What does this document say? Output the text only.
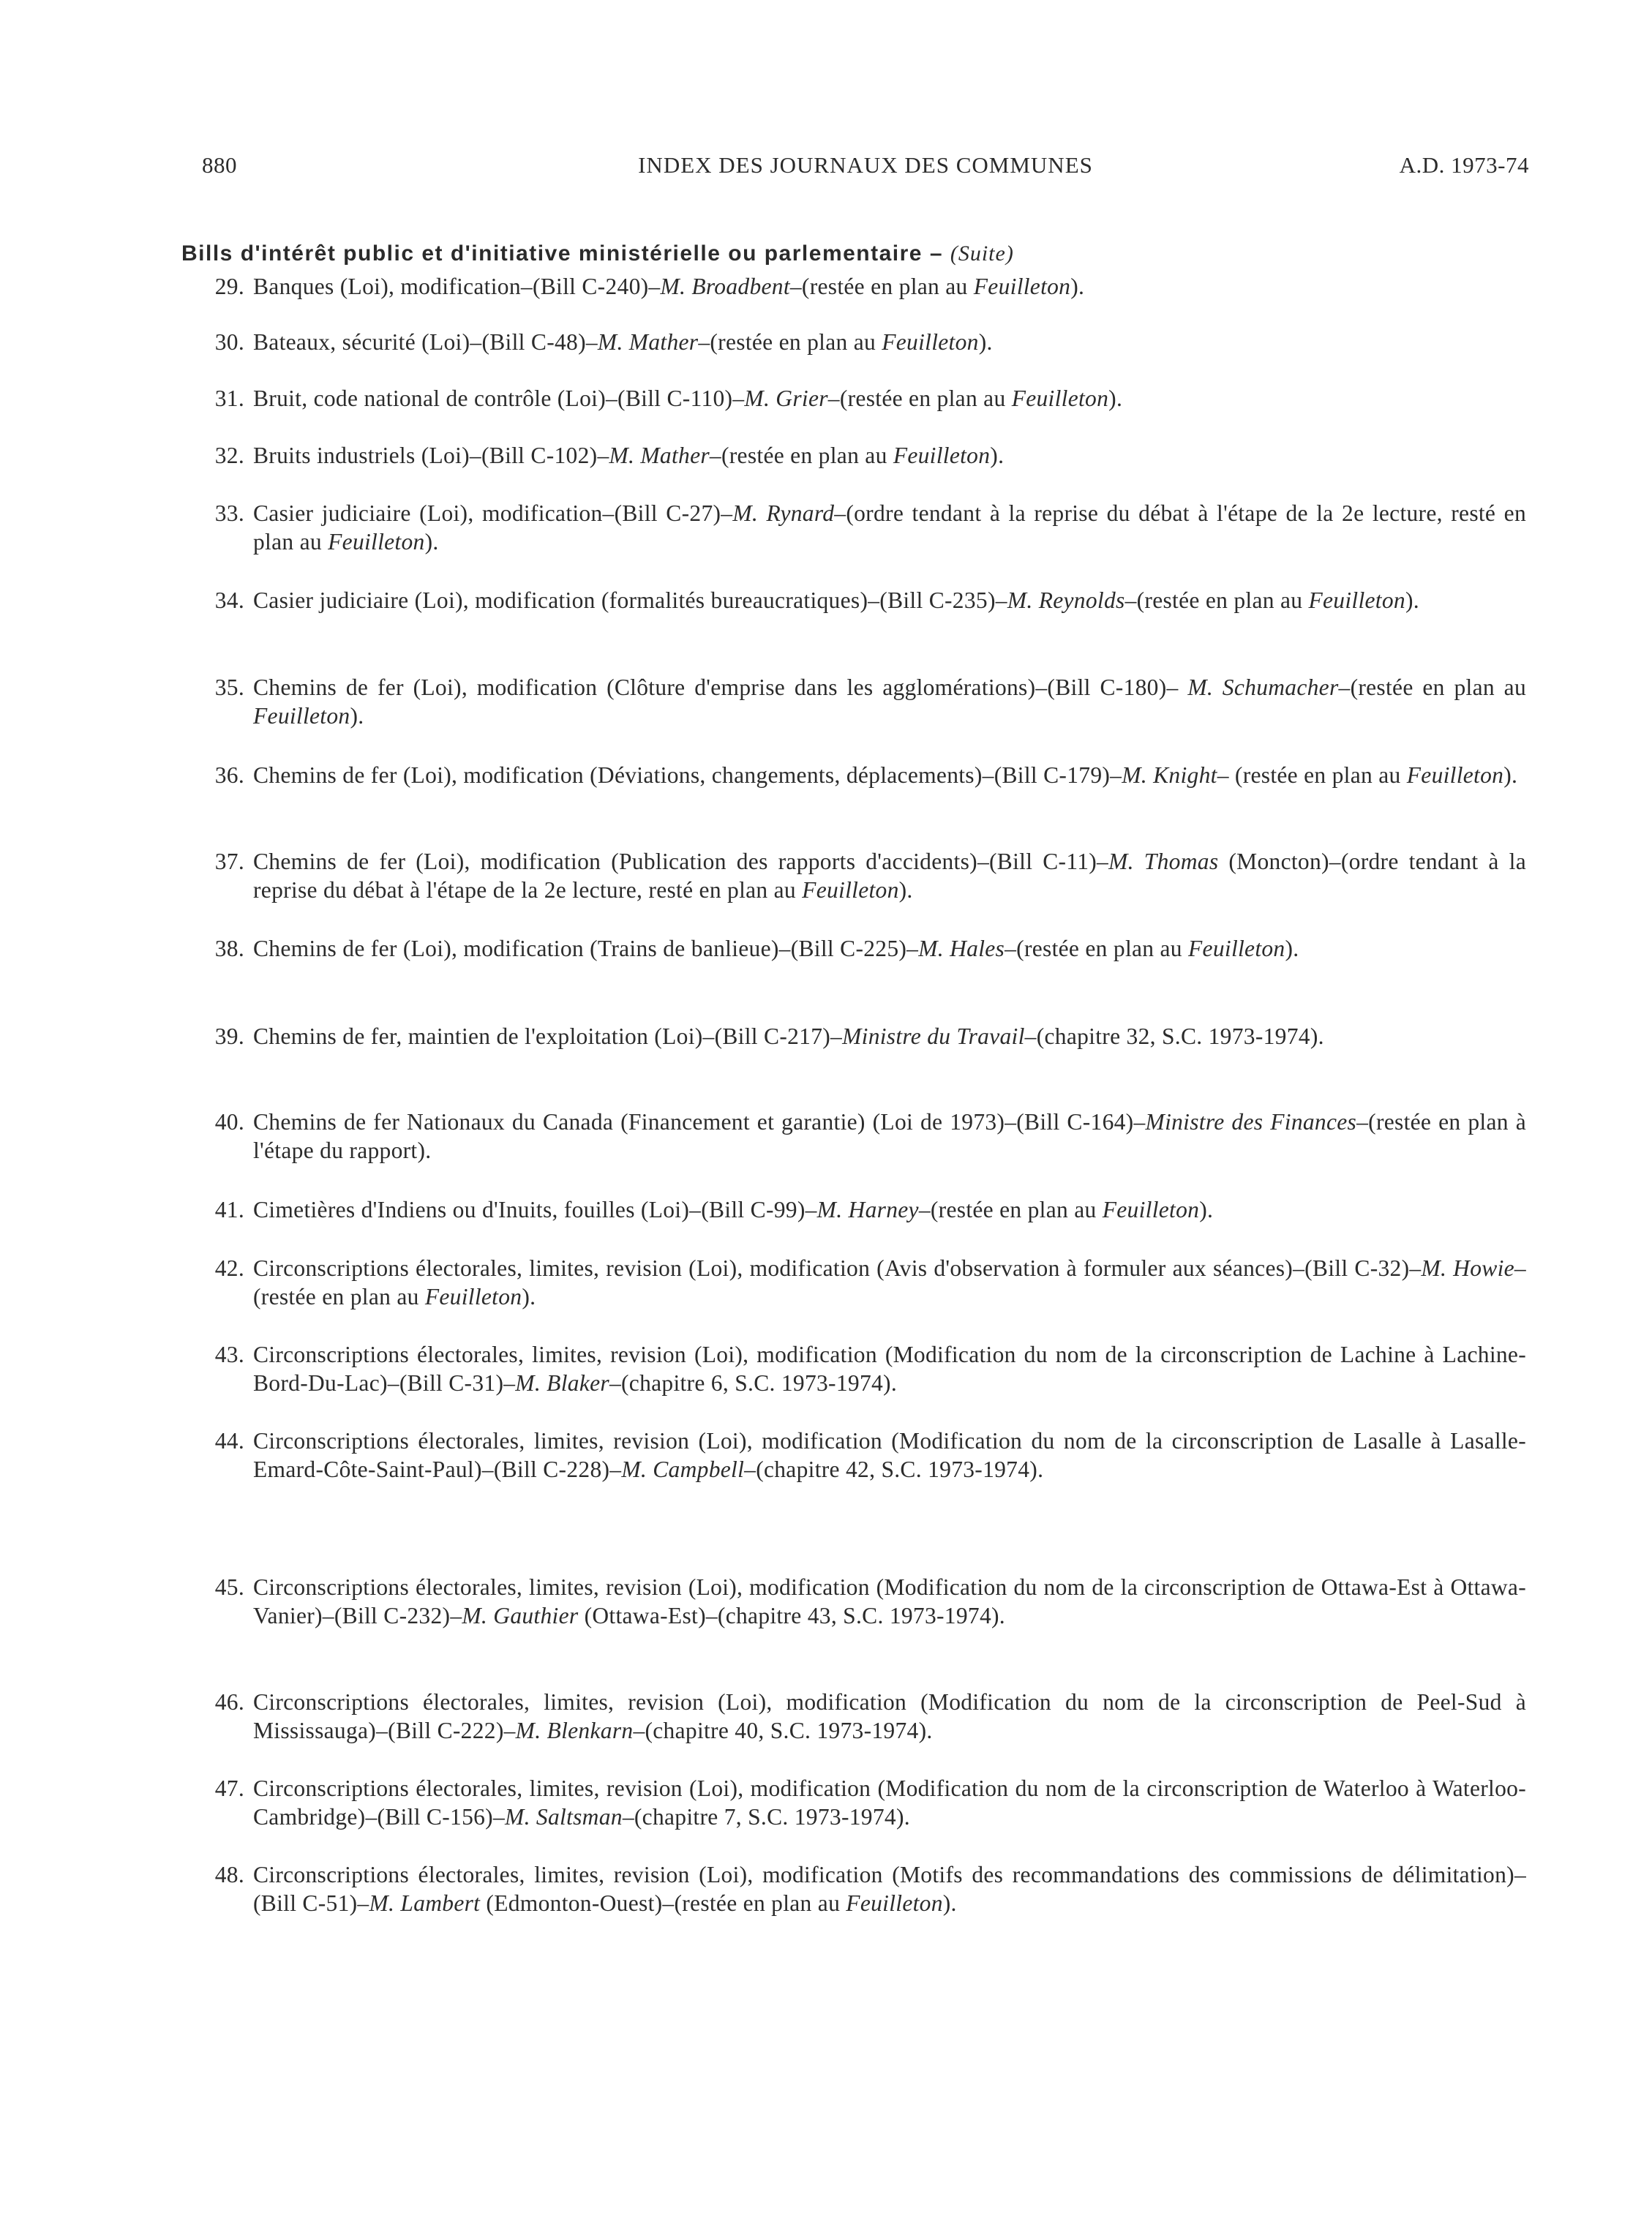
880	INDEX DES JOURNAUX DES COMMUNES	A.D. 1973-74
Bills d'intérêt public et d'initiative ministérielle ou parlementaire – (Suite)
29. Banques (Loi), modification–(Bill C-240)–M. Broadbent–(restée en plan au Feuilleton).
30. Bateaux, sécurité (Loi)–(Bill C-48)–M. Mather–(restée en plan au Feuilleton).
31. Bruit, code national de contrôle (Loi)–(Bill C-110)–M. Grier–(restée en plan au Feuilleton).
32. Bruits industriels (Loi)–(Bill C-102)–M. Mather–(restée en plan au Feuilleton).
33. Casier judiciaire (Loi), modification–(Bill C-27)–M. Rynard–(ordre tendant à la reprise du débat à l'étape de la 2e lecture, resté en plan au Feuilleton).
34. Casier judiciaire (Loi), modification (formalités bureaucratiques)–(Bill C-235)–M. Reynolds–(restée en plan au Feuilleton).
35. Chemins de fer (Loi), modification (Clôture d'emprise dans les agglomérations)–(Bill C-180)– M. Schumacher–(restée en plan au Feuilleton).
36. Chemins de fer (Loi), modification (Déviations, changements, déplacements)–(Bill C-179)–M. Knight– (restée en plan au Feuilleton).
37. Chemins de fer (Loi), modification (Publication des rapports d'accidents)–(Bill C-11)–M. Thomas (Moncton)–(ordre tendant à la reprise du débat à l'étape de la 2e lecture, resté en plan au Feuilleton).
38. Chemins de fer (Loi), modification (Trains de banlieue)–(Bill C-225)–M. Hales–(restée en plan au Feuilleton).
39. Chemins de fer, maintien de l'exploitation (Loi)–(Bill C-217)–Ministre du Travail–(chapitre 32, S.C. 1973-1974).
40. Chemins de fer Nationaux du Canada (Financement et garantie) (Loi de 1973)–(Bill C-164)–Ministre des Finances–(restée en plan à l'étape du rapport).
41. Cimetières d'Indiens ou d'Inuits, fouilles (Loi)–(Bill C-99)–M. Harney–(restée en plan au Feuilleton).
42. Circonscriptions électorales, limites, revision (Loi), modification (Avis d'observation à formuler aux séances)–(Bill C-32)–M. Howie–(restée en plan au Feuilleton).
43. Circonscriptions électorales, limites, revision (Loi), modification (Modification du nom de la circonscription de Lachine à Lachine-Bord-Du-Lac)–(Bill C-31)–M. Blaker–(chapitre 6, S.C. 1973-1974).
44. Circonscriptions électorales, limites, revision (Loi), modification (Modification du nom de la circonscription de Lasalle à Lasalle-Emard-Côte-Saint-Paul)–(Bill C-228)–M. Campbell–(chapitre 42, S.C. 1973-1974).
45. Circonscriptions électorales, limites, revision (Loi), modification (Modification du nom de la circonscription de Ottawa-Est à Ottawa-Vanier)–(Bill C-232)–M. Gauthier (Ottawa-Est)–(chapitre 43, S.C. 1973-1974).
46. Circonscriptions électorales, limites, revision (Loi), modification (Modification du nom de la circonscription de Peel-Sud à Mississauga)–(Bill C-222)–M. Blenkarn–(chapitre 40, S.C. 1973-1974).
47. Circonscriptions électorales, limites, revision (Loi), modification (Modification du nom de la circonscription de Waterloo à Waterloo-Cambridge)–(Bill C-156)–M. Saltsman–(chapitre 7, S.C. 1973-1974).
48. Circonscriptions électorales, limites, revision (Loi), modification (Motifs des recommandations des commissions de délimitation)–(Bill C-51)–M. Lambert (Edmonton-Ouest)–(restée en plan au Feuilleton).
